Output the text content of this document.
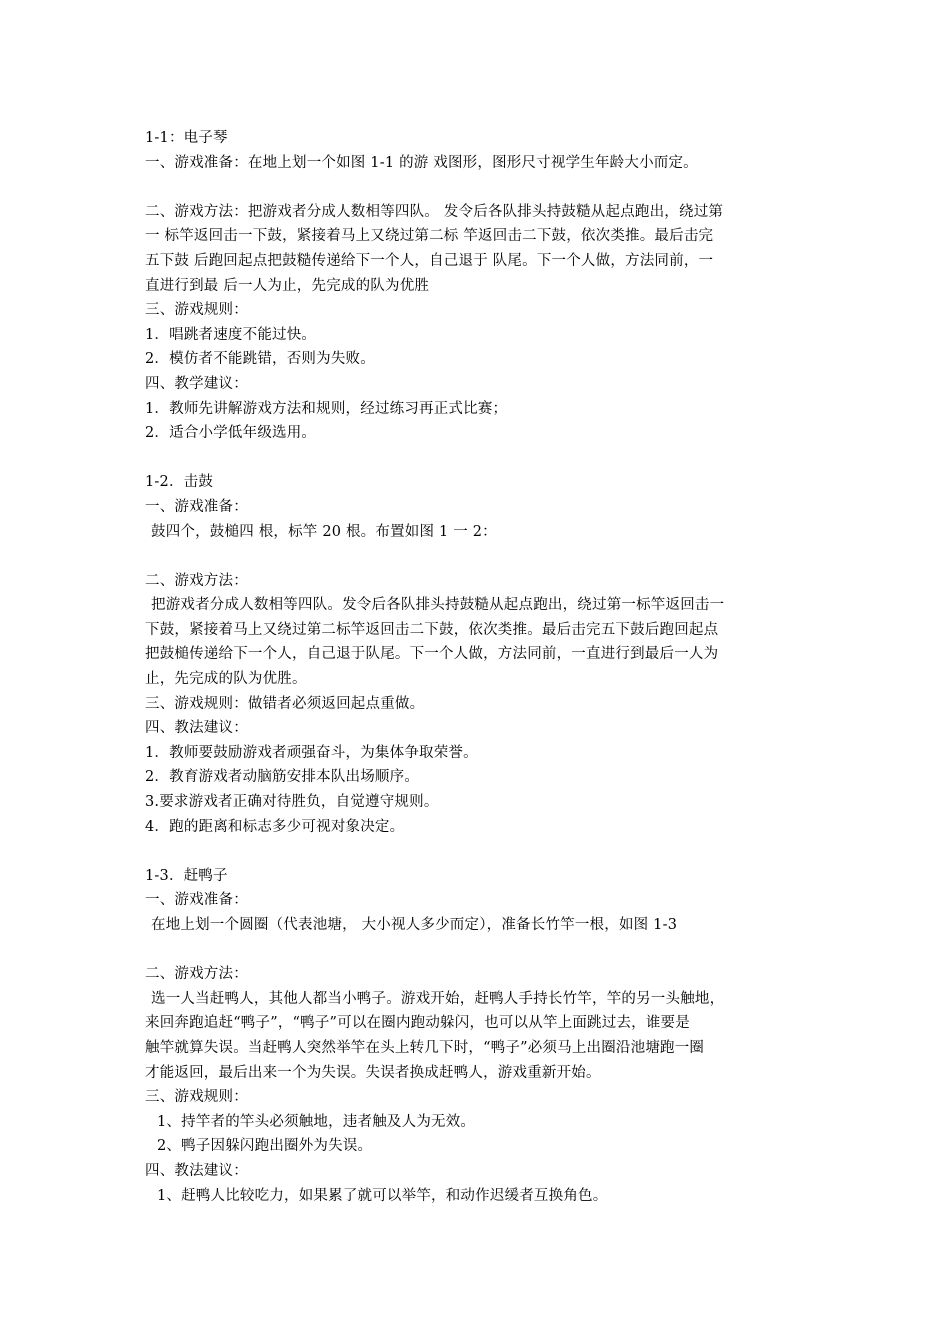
1-1：电子琴
一、游戏准备：在地上划一个如图 1-1 的游 戏图形，图形尺寸视学生年龄大小而定。
二、游戏方法：把游戏者分成人数相等四队。 发令后各队排头持鼓糙从起点跑出，绕过第
一 标竿返回击一下鼓，紧接着马上又绕过第二标 竿返回击二下鼓，依次类推。最后击完
五下鼓 后跑回起点把鼓糙传递给下一个人，自己退于 队尾。下一个人做，方法同前，一
直进行到最 后一人为止，先完成的队为优胜
三、游戏规则：
1．唱跳者速度不能过快。
2．模仿者不能跳错，否则为失败。
四、教学建议：
1．教师先讲解游戏方法和规则，经过练习再正式比赛；
2．适合小学低年级选用。
1-2．击鼓
一、游戏准备：
鼓四个，鼓槌四 根，标竿 20 根。布置如图 1 一 2：
二、游戏方法：
把游戏者分成人数相等四队。发令后各队排头持鼓糙从起点跑出，绕过第一标竿返回击一
下鼓，紧接着马上又绕过第二标竿返回击二下鼓，依次类推。最后击完五下鼓后跑回起点
把鼓槌传递给下一个人，自己退于队尾。下一个人做，方法同前，一直进行到最后一人为
止，先完成的队为优胜。
三、游戏规则：做错者必须返回起点重做。
四、教法建议：
1．教师要鼓励游戏者顽强奋斗，为集体争取荣誉。
2．教育游戏者动脑筋安排本队出场顺序。
3.要求游戏者正确对待胜负，自觉遵守规则。
4．跑的距离和标志多少可视对象决定。
1-3．赶鸭子
一、游戏准备：
在地上划一个圆圈（代表池塘， 大小视人多少而定），准备长竹竿一根，如图 1-3
二、游戏方法：
选一人当赶鸭人，其他人都当小鸭子。游戏开始，赶鸭人手持长竹竿，竿的另一头触地，
来回奔跑追赶“鸭子”，“鸭子”可以在圈内跑动躲闪，也可以从竿上面跳过去，谁要是
触竿就算失误。当赶鸭人突然举竿在头上转几下时，“鸭子”必须马上出圈沿池塘跑一圈
才能返回，最后出来一个为失误。失误者换成赶鸭人，游戏重新开始。
三、游戏规则：
1、持竿者的竿头必须触地，违者触及人为无效。
2、鸭子因躲闪跑出圈外为失误。
四、教法建议：
1、赶鸭人比较吃力，如果累了就可以举竿，和动作迟缓者互换角色。
